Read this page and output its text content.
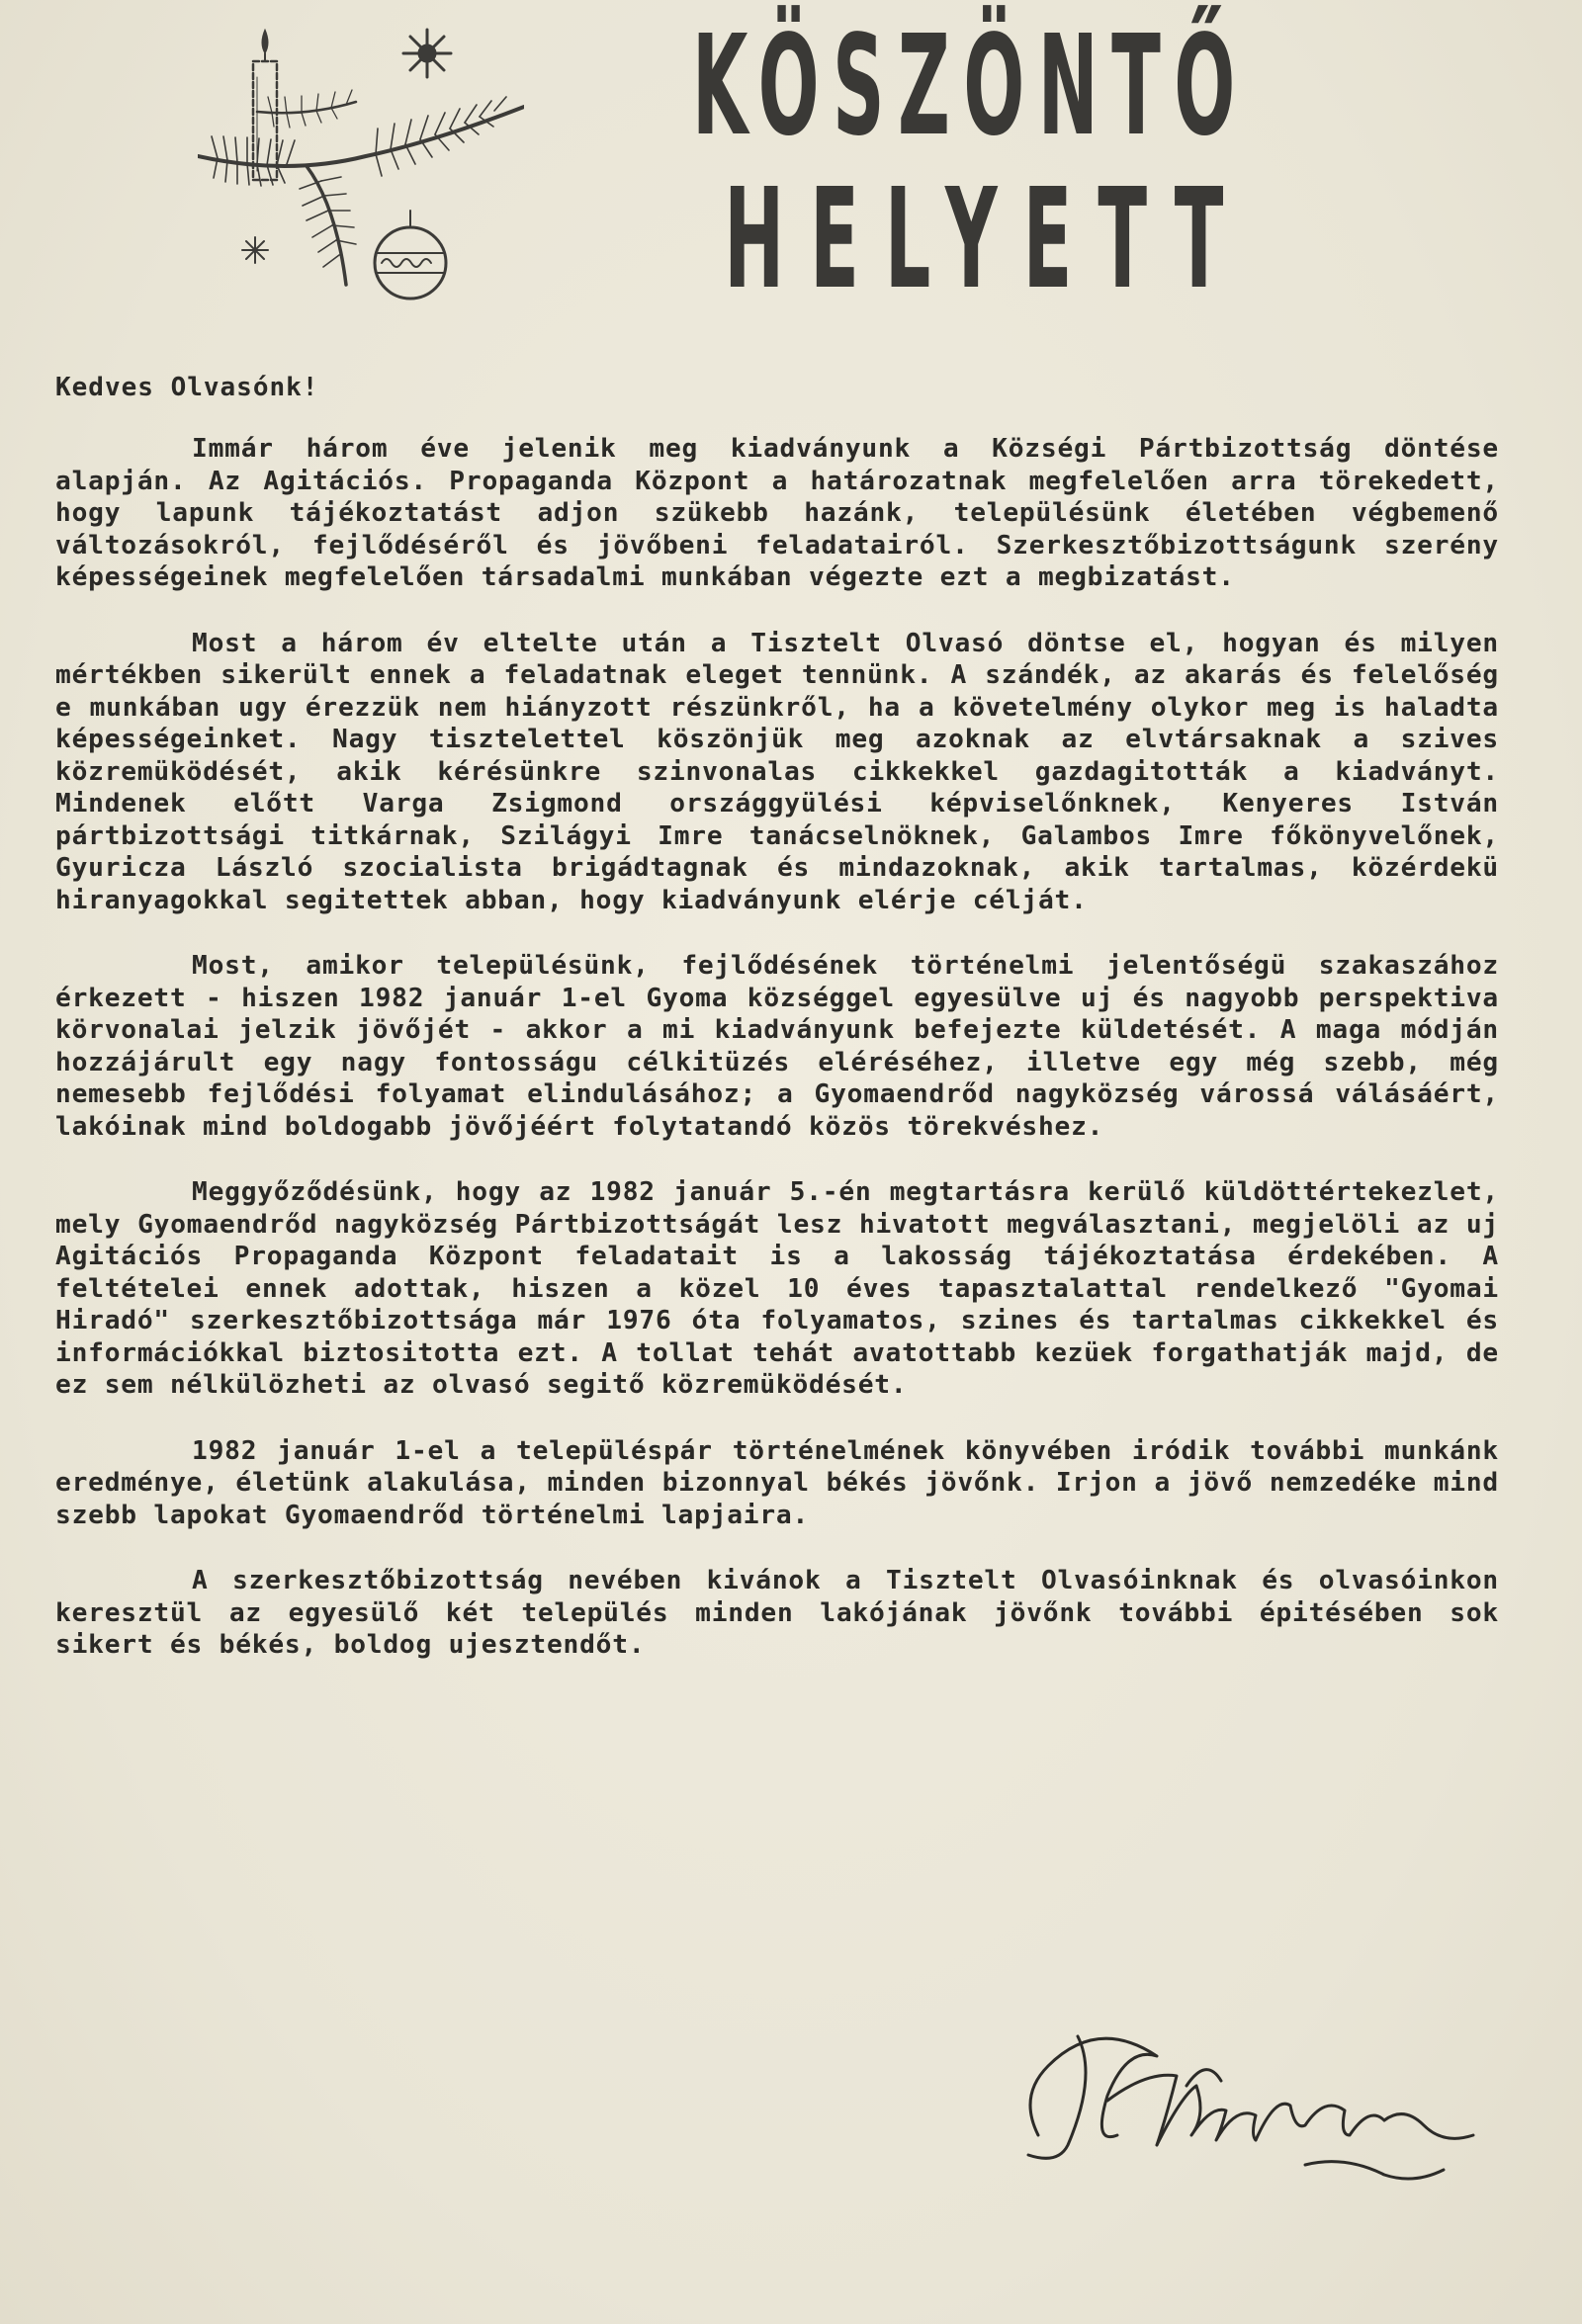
KÖSZÖNTŐ
HELYETT

Kedves Olvasónk!

Immár három éve jelenik meg kiadványunk a Községi Pártbizottság döntése alapján. Az Agitációs. Propaganda Központ a határozatnak megfelelően arra törekedett, hogy lapunk tájékoztatást adjon szükebb hazánk, településünk életében végbemenő változásokról, fejlődéséről és jövőbeni feladatairól. Szerkesztőbizottságunk szerény képességeinek megfelelően társadalmi munkában végezte ezt a megbizatást.

Most a három év eltelte után a Tisztelt Olvasó döntse el, hogyan és milyen mértékben sikerült ennek a feladatnak eleget tennünk. A szándék, az akarás és felelőség e munkában ugy érezzük nem hiányzott részünkről, ha a követelmény olykor meg is haladta képességeinket. Nagy tisztelettel köszönjük meg azoknak az elvtársaknak a szives közremüködését, akik kérésünkre szinvonalas cikkekkel gazdagitották a kiadványt. Mindenek előtt Varga Zsigmond országgyülési képviselőnknek, Kenyeres István pártbizottsági titkárnak, Szilágyi Imre tanácselnöknek, Galambos Imre főkönyvelőnek, Gyuricza László szocialista brigádtagnak és mindazoknak, akik tartalmas, közérdekü hiranyagokkal segitettek abban, hogy kiadványunk elérje célját.

Most, amikor településünk, fejlődésének történelmi jelentőségü szakaszához érkezett - hiszen 1982 január 1-el Gyoma községgel egyesülve uj és nagyobb perspektiva körvonalai jelzik jövőjét - akkor a mi kiadványunk befejezte küldetését. A maga módján hozzájárult egy nagy fontosságu célkitüzés eléréséhez, illetve egy még szebb, még nemesebb fejlődési folyamat elindulásához; a Gyomaendrőd nagyközség várossá válásáért, lakóinak mind boldogabb jövőjéért folytatandó közös törekvéshez.

Meggyőződésünk, hogy az 1982 január 5.-én megtartásra kerülő küldöttértekezlet, mely Gyomaendrőd nagyközség Pártbizottságát lesz hivatott megválasztani, megjelöli az uj Agitációs Propaganda Központ feladatait is a lakosság tájékoztatása érdekében. A feltételei ennek adottak, hiszen a közel 10 éves tapasztalattal rendelkező "Gyomai Hiradó" szerkesztőbizottsága már 1976 óta folyamatos, szines és tartalmas cikkekkel és információkkal biztositotta ezt. A tollat tehát avatottabb kezüek forgathatják majd, de ez sem nélkülözheti az olvasó segitő közremüködését.

1982 január 1-el a településpár történelmének könyvében iródik további munkánk eredménye, életünk alakulása, minden bizonnyal békés jövőnk. Irjon a jövő nemzedéke mind szebb lapokat Gyomaendrőd történelmi lapjaira.

A szerkesztőbizottság nevében kivánok a Tisztelt Olvasóinknak és olvasóinkon keresztül az egyesülő két település minden lakójának jövőnk további épitésében sok sikert és békés, boldog ujesztendőt.
